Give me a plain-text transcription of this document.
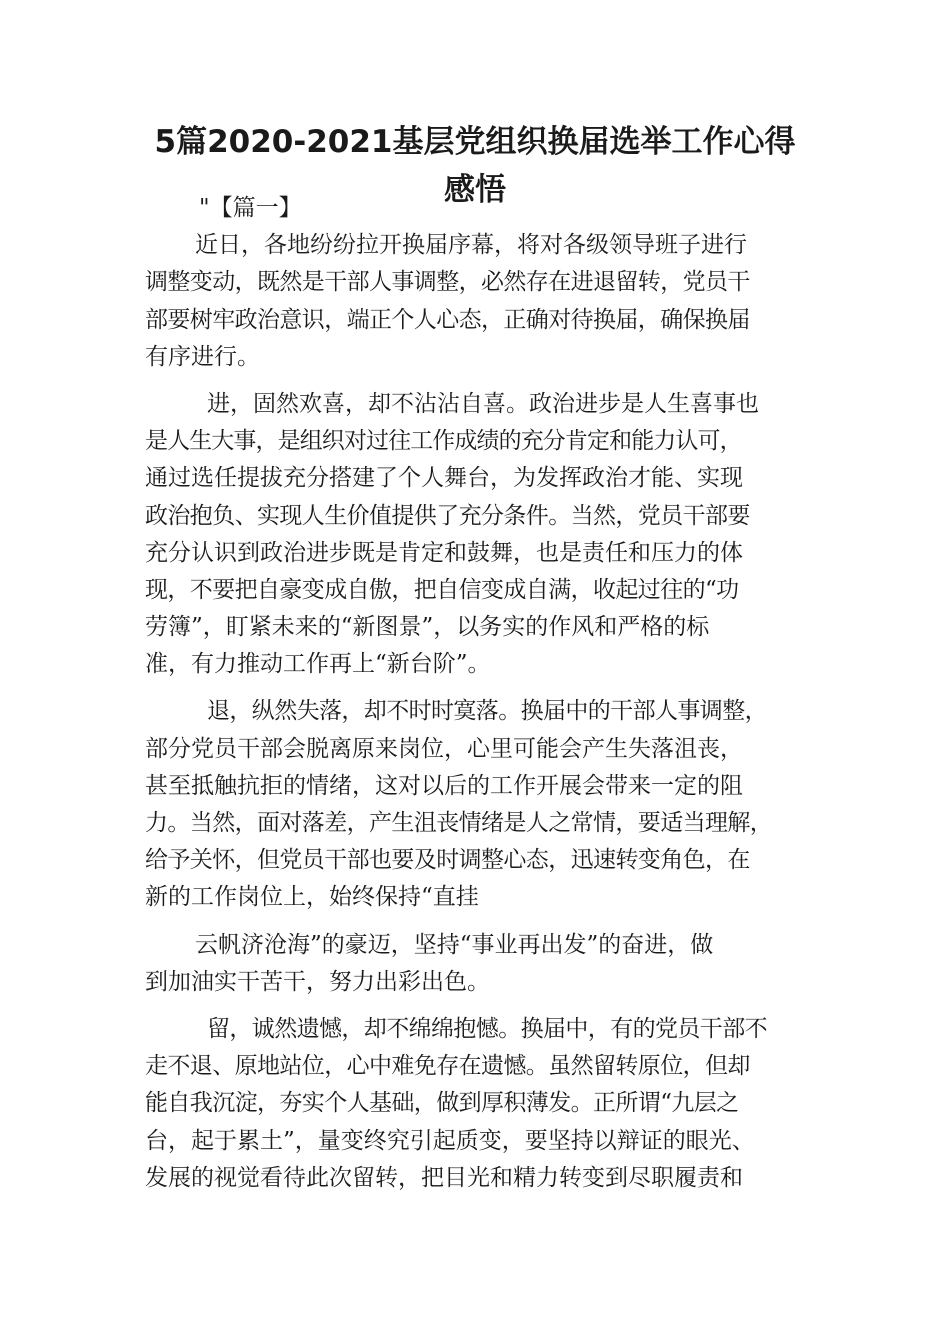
5篇2020-2021基层党组织换届选举工作心得
感悟
"【篇一】
近日，各地纷纷拉开换届序幕，将对各级领导班子进行
调整变动，既然是干部人事调整，必然存在进退留转，党员干
部要树牢政治意识，端正个人心态，正确对待换届，确保换届
有序进行。
进，固然欢喜，却不沾沾自喜。政治进步是人生喜事也
是人生大事，是组织对过往工作成绩的充分肯定和能力认可，
通过选任提拔充分搭建了个人舞台，为发挥政治才能、实现
政治抱负、实现人生价值提供了充分条件。当然，党员干部要
充分认识到政治进步既是肯定和鼓舞，也是责任和压力的体
现，不要把自豪变成自傲，把自信变成自满，收起过往的“功
劳簿”，盯紧未来的“新图景”，以务实的作风和严格的标
准，有力推动工作再上“新台阶”。
退，纵然失落，却不时时寞落。换届中的干部人事调整，
部分党员干部会脱离原来岗位，心里可能会产生失落沮丧，
甚至抵触抗拒的情绪，这对以后的工作开展会带来一定的阻
力。当然，面对落差，产生沮丧情绪是人之常情，要适当理解，
给予关怀，但党员干部也要及时调整心态，迅速转变角色，在
新的工作岗位上，始终保持“直挂
云帆济沧海”的豪迈，坚持“事业再出发”的奋进，做
到加油实干苦干，努力出彩出色。
留，诚然遗憾，却不绵绵抱憾。换届中，有的党员干部不
走不退、原地站位，心中难免存在遗憾。虽然留转原位，但却
能自我沉淀，夯实个人基础，做到厚积薄发。正所谓“九层之
台，起于累土”，量变终究引起质变，要坚持以辩证的眼光、
发展的视觉看待此次留转，把目光和精力转变到尽职履责和
